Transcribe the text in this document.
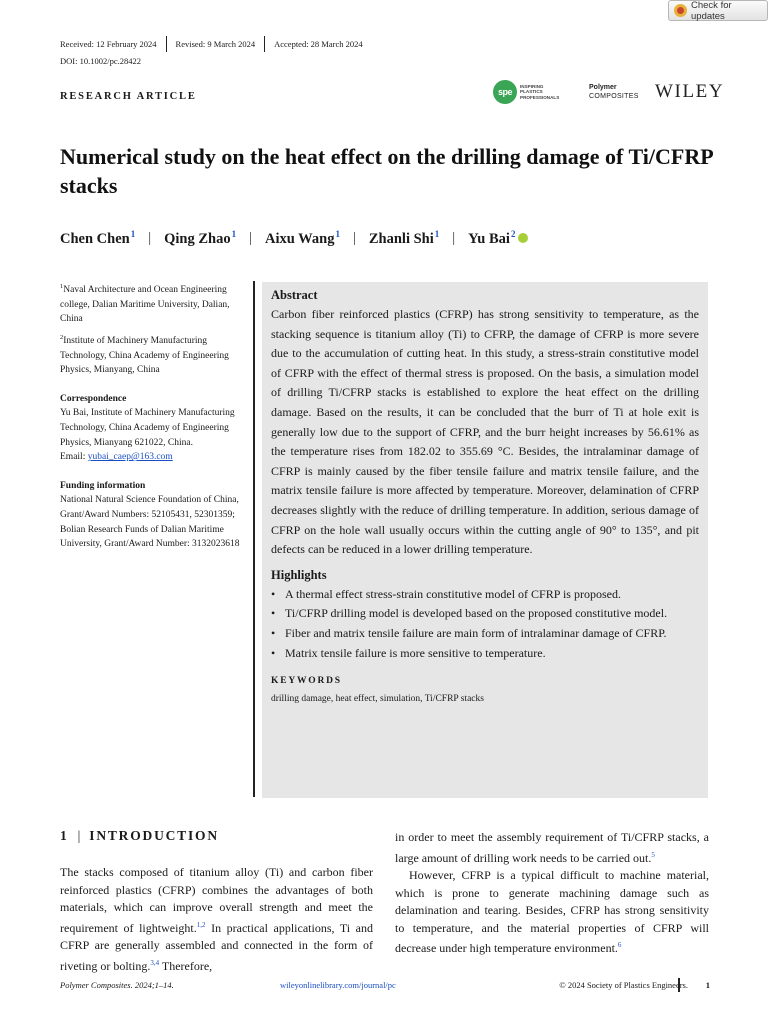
Check for updates
Received: 12 February 2024	Revised: 9 March 2024	Accepted: 28 March 2024
DOI: 10.1002/pc.28422
RESEARCH ARTICLE	spe
INSPIRING
PLASTICS
PROFESSIONALS
Polymer
COMPOSITES WILEY
Numerical study on the heat effect on the drilling damage of Ti/CFRP stacks
Chen Chen$^1$ | Qing Zhao$^1$ | Aixu Wang$^1$ | Zhanli Shi$^1$ | Yu Bai$^2$
$^1$Naval Architecture and Ocean Engineering college, Dalian Maritime University, Dalian, China
$^2$Institute of Machinery Manufacturing Technology, China Academy of Engineering Physics, Mianyang, China
Correspondence
Yu Bai, Institute of Machinery Manufacturing Technology, China Academy of Engineering Physics, Mianyang 621022, China.
Email: yubai_caep@163.com
Funding information
National Natural Science Foundation of China, Grant/Award Numbers: 52105431, 52301359; Bolian Research Funds of Dalian Maritime University, Grant/Award Number: 3132023618
Abstract

Carbon fiber reinforced plastics (CFRP) has strong sensitivity to temperature, as the stacking sequence is titanium alloy (Ti) to CFRP, the damage of CFRP is more severe due to the accumulation of cutting heat. In this study, a stress-strain constitutive model of CFRP with the effect of thermal stress is proposed. On the basis, a simulation model of drilling Ti/CFRP stacks is established to explore the heat effect on the drilling damage. Based on the results, it can be concluded that the burr of Ti at hole exit is generally low due to the support of CFRP, and the burr height increases by 56.61% as the temperature rises from 182.02 to 355.69 °C. Besides, the intralaminar damage of CFRP is mainly caused by the fiber tensile failure and matrix tensile failure, and the matrix tensile failure is more affected by temperature. Moreover, delamination of CFRP decreases slightly with the reduce of drilling temperature. In addition, serious damage of CFRP on the hole wall usually occurs within the cutting angle of 90° to 135°, and pit defects can be reduced in a lower drilling temperature.

Highlights
• A thermal effect stress-strain constitutive model of CFRP is proposed.
• Ti/CFRP drilling model is developed based on the proposed constitutive model.
• Fiber and matrix tensile failure are main form of intralaminar damage of CFRP.
• Matrix tensile failure is more sensitive to temperature.
KEYWORDS
drilling damage, heat effect, simulation, Ti/CFRP stacks
1 | INTRODUCTION

The stacks composed of titanium alloy (Ti) and carbon fiber reinforced plastics (CFRP) combines the advantages of both materials, which can improve overall strength and meet the requirement of lightweight.$^{1,2}$ In practical applications, Ti and CFRP are generally assembled and connected in the form of riveting or bolting.$^{3,4}$ Therefore,

in order to meet the assembly requirement of Ti/CFRP stacks, a large amount of drilling work needs to be carried out.$^5$

However, CFRP is a typical difficult to machine material, which is prone to generate machining damage such as delamination and tearing. Besides, CFRP has strong sensitivity to temperature, and the material properties of CFRP will decrease under high temperature environment.$^6$

Polymer Composites. 2024;1–14.	wileyonlinelibrary.com/journal/pc	© 2024 Society of Plastics Engineers. 1
